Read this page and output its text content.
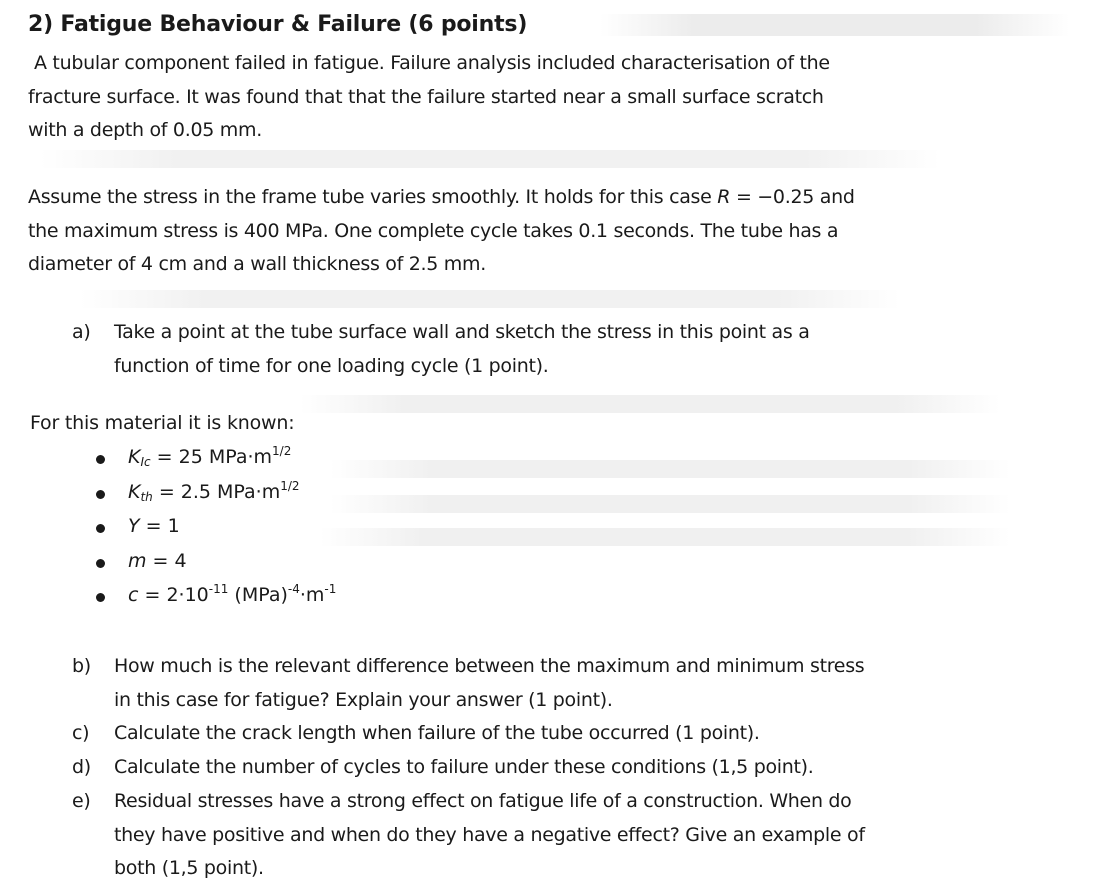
2) Fatigue Behaviour & Failure (6 points)
A tubular component failed in fatigue. Failure analysis included characterisation of the
fracture surface. It was found that that the failure started near a small surface scratch
with a depth of 0.05 mm.
Assume the stress in the frame tube varies smoothly. It holds for this case R = −0.25 and
the maximum stress is 400 MPa. One complete cycle takes 0.1 seconds. The tube has a
diameter of 4 cm and a wall thickness of 2.5 mm.
a) Take a point at the tube surface wall and sketch the stress in this point as a
function of time for one loading cycle (1 point).
For this material it is known:
$K_{Ic} = 25$ $MPa\cdot m^{1/2}$
$K_{th} = 2.5$ $MPa\cdot m^{1/2}$
Y = 1
m = 4
$c = 2\cdot 10^{-11}$ $(MPa)^{-4}\cdot m^{-1}$
b) How much is the relevant difference between the maximum and minimum stress
in this case for fatigue? Explain your answer (1 point).
c) Calculate the crack length when failure of the tube occurred (1 point).
d) Calculate the number of cycles to failure under these conditions (1,5 point).
e) Residual stresses have a strong effect on fatigue life of a construction. When do
they have positive and when do they have a negative effect? Give an example of
both (1,5 point).
